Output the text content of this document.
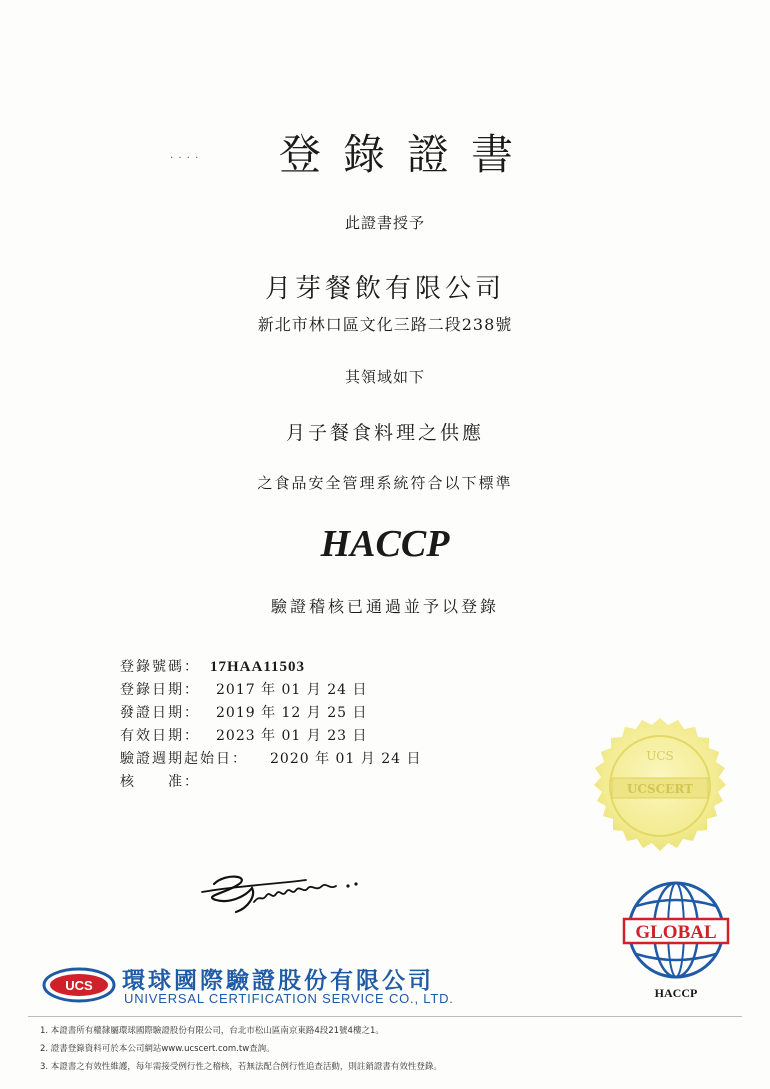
登錄證書
. . . .
此證書授予
月芽餐飲有限公司
新北市林口區文化三路二段238號
其領域如下
月子餐食料理之供應
之食品安全管理系統符合以下標準
HACCP
驗證稽核已通過並予以登錄
登錄號碼： 17HAA11503
登錄日期： 2017 年 01 月 24 日
發證日期： 2019 年 12 月 25 日
有效日期： 2023 年 01 月 23 日
驗證週期起始日： 2020 年 01 月 24 日
核　　准：
UCS
UCSCERT
GLOBAL
HACCP
UCS 環球國際驗證股份有限公司
UNIVERSAL CERTIFICATION SERVICE CO., LTD.
1. 本證書所有權隸屬環球國際驗證股份有限公司，台北市松山區南京東路4段21號4樓之1。
2. 證書登錄資料可於本公司網站www.ucscert.com.tw查詢。
3. 本證書之有效性維護，每年需接受例行性之稽核，若無法配合例行性追查活動，則註銷證書有效性登錄。
